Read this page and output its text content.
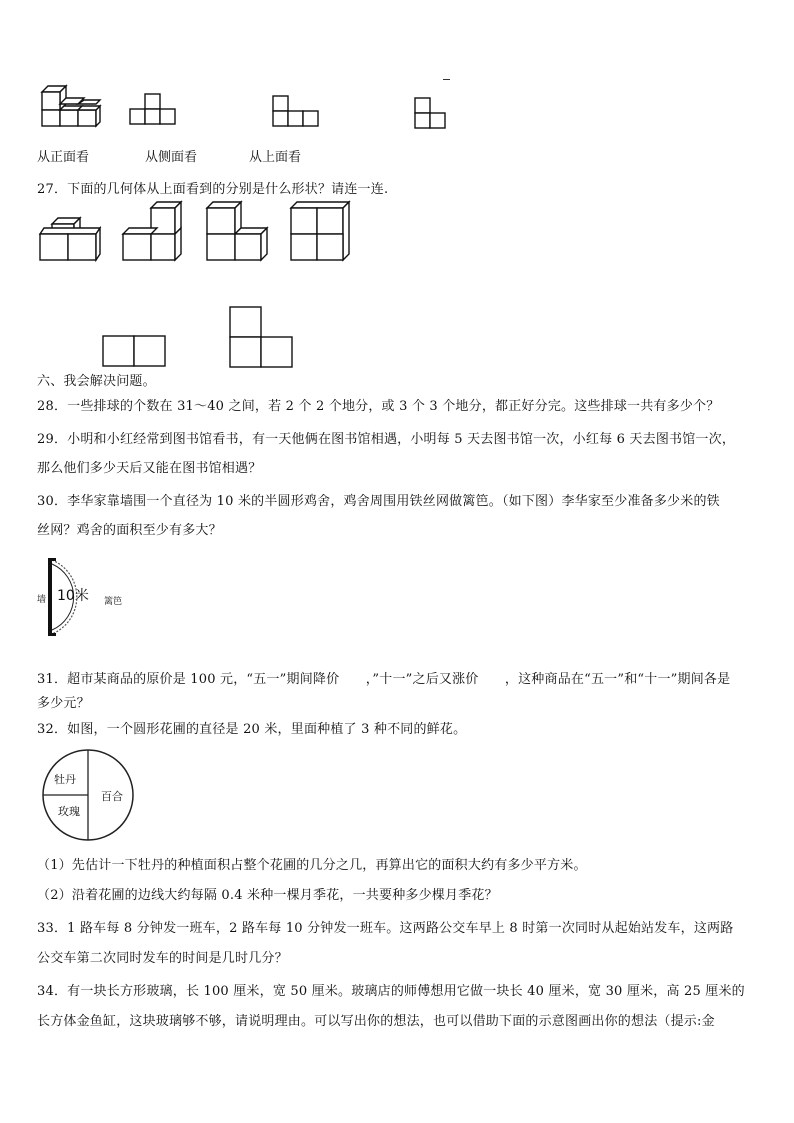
从正面看	从侧面看	从上面看
27．下面的几何体从上面看到的分别是什么形状？请连一连.
六、我会解决问题。
28．一些排球的个数在 31～40 之间，若 2 个 2 个地分，或 3 个 3 个地分，都正好分完。这些排球一共有多少个？
29．小明和小红经常到图书馆看书，有一天他俩在图书馆相遇，小明每 5 天去图书馆一次，小红每 6 天去图书馆一次，
那么他们多少天后又能在图书馆相遇？
30．李华家靠墙围一个直径为 10 米的半圆形鸡舍，鸡舍周围用铁丝网做篱笆。（如下图）李华家至少准备多少米的铁
丝网？鸡舍的面积至少有多大？
墙 10米 篱笆
31．超市某商品的原价是 100 元，“五一”期间降价　　，”十一”之后又涨价　　，这种商品在“五一”和“十一”期间各是
多少元？
32．如图，一个圆形花圃的直径是 20 米，里面种植了 3 种不同的鲜花。
牡丹
玫瑰
百合
（1）先估计一下牡丹的种植面积占整个花圃的几分之几，再算出它的面积大约有多少平方米。
（2）沿着花圃的边线大约每隔 0.4 米种一棵月季花，一共要种多少棵月季花？
33．1 路车每 8 分钟发一班车，2 路车每 10 分钟发一班车。这两路公交车早上 8 时第一次同时从起始站发车，这两路
公交车第二次同时发车的时间是几时几分？
34．有一块长方形玻璃，长 100 厘米，宽 50 厘米。玻璃店的师傅想用它做一块长 40 厘米，宽 30 厘米，高 25 厘米的
长方体金鱼缸，这块玻璃够不够，请说明理由。可以写出你的想法，也可以借助下面的示意图画出你的想法（提示:金
